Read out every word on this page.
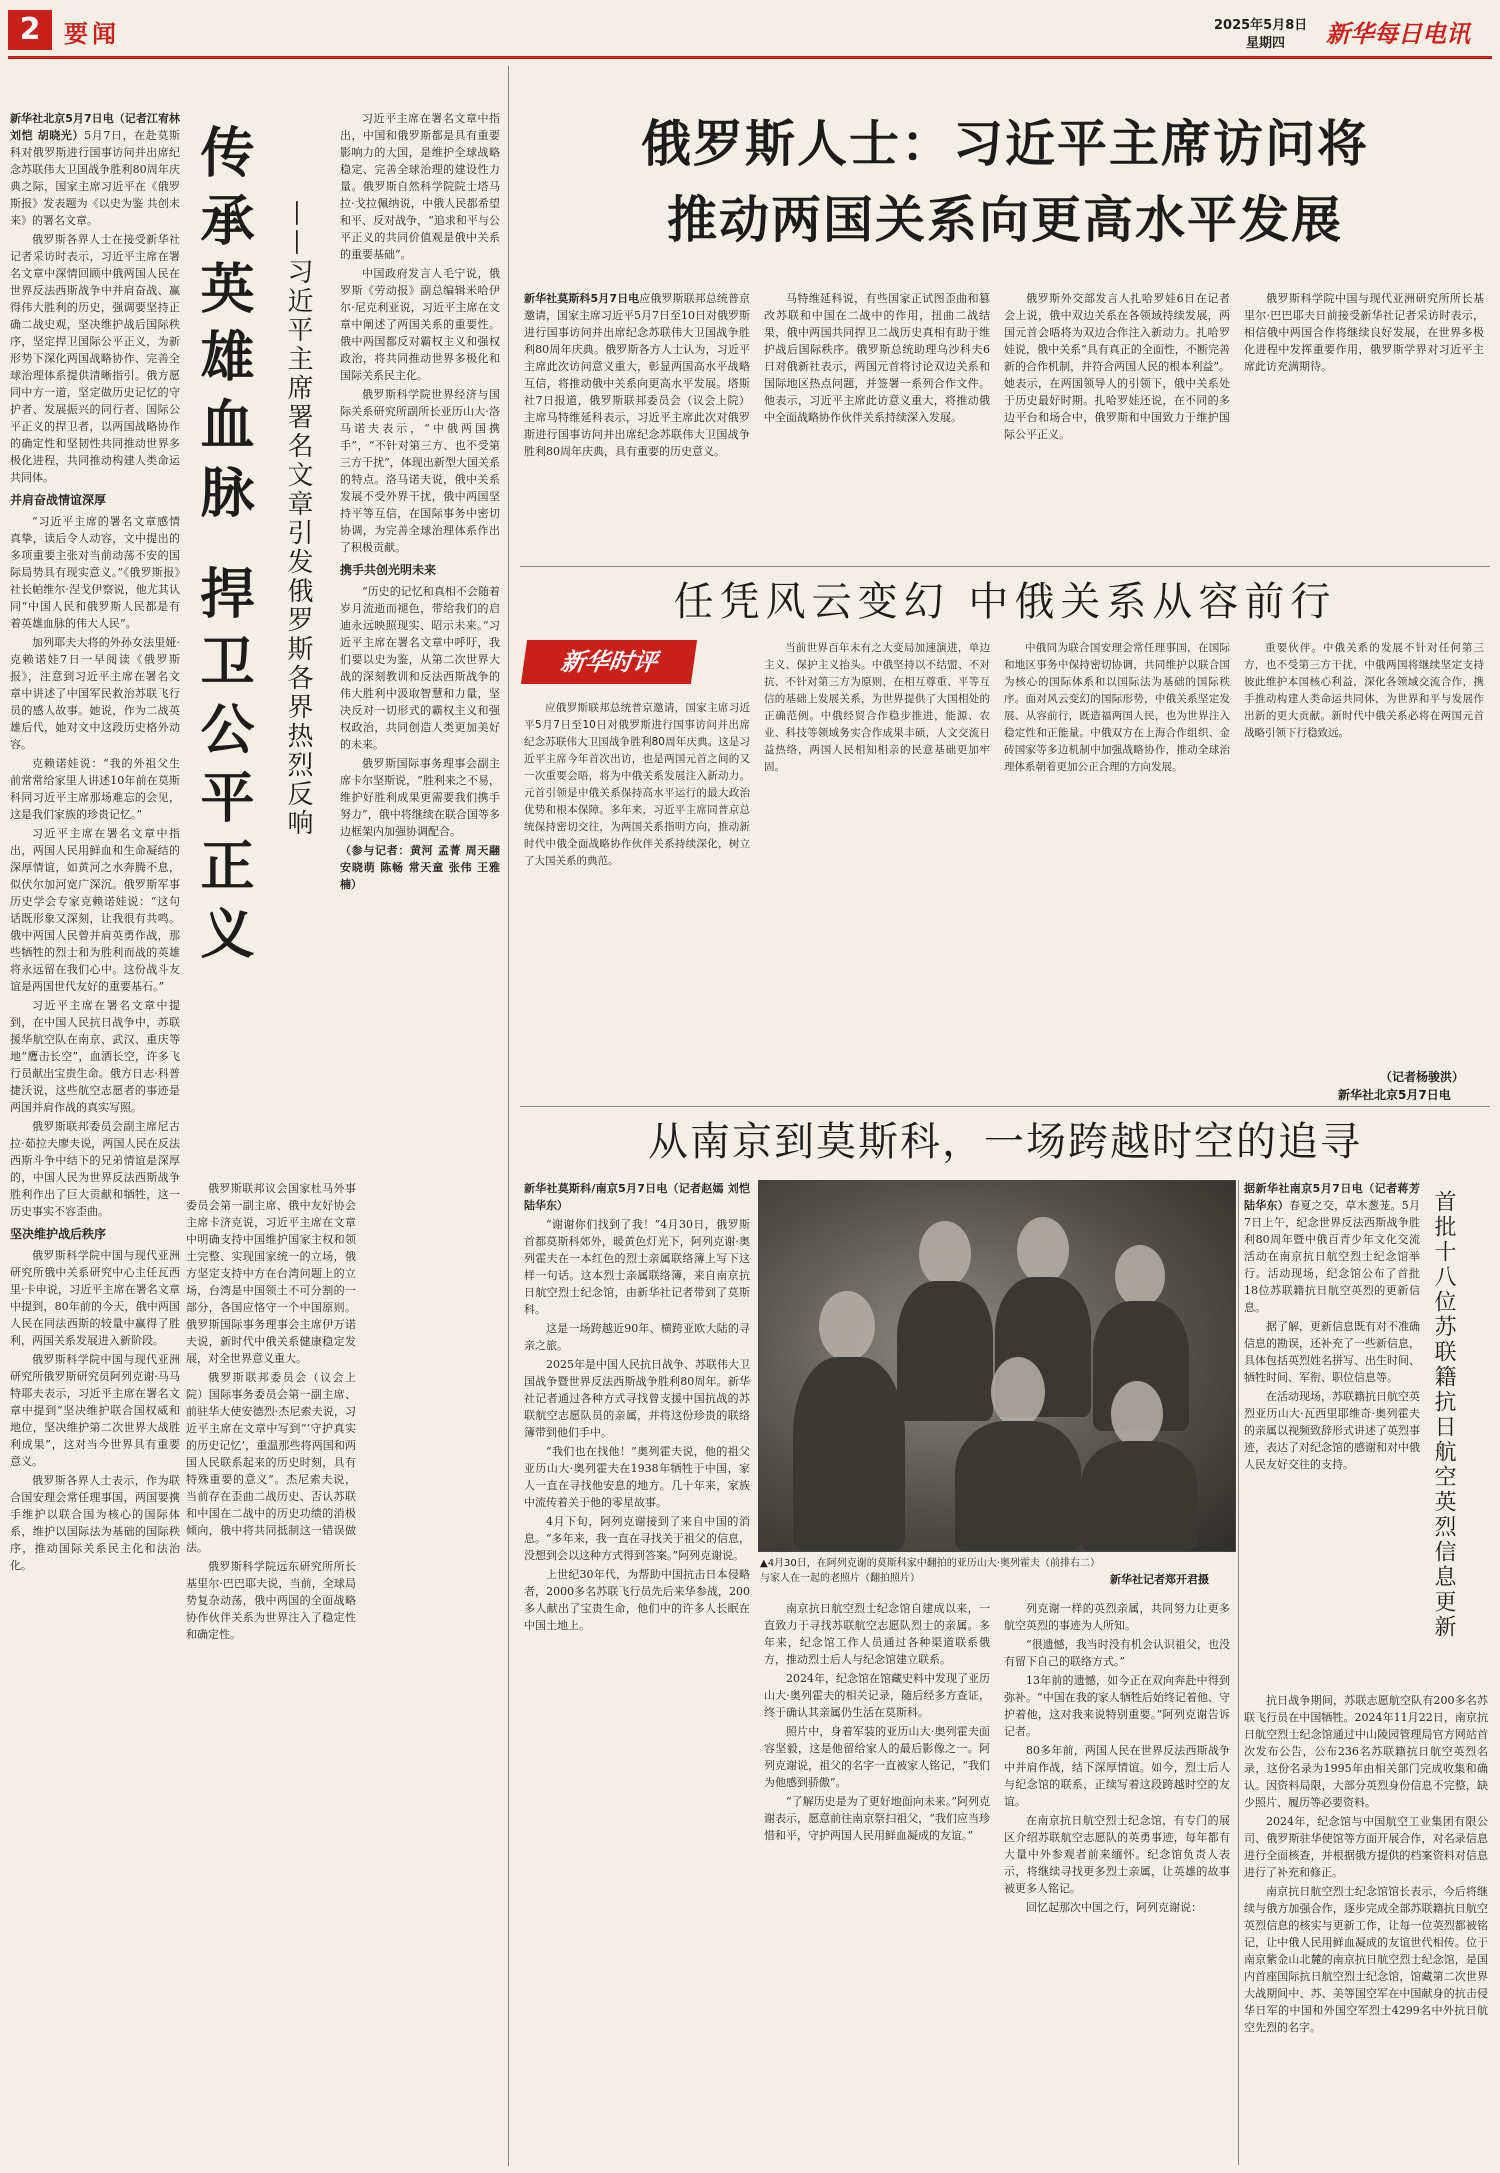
2 要闻	2025年5月8日
星期四 新华每日电讯
传承英雄血脉 捍卫公平正义 ——习近平主席署名文章引发俄罗斯各界热烈反响

新华社北京5月7日电（记者江宥林 刘恺 胡晓光）5月7日，在赴莫斯科对俄罗斯进行国事访问并出席纪念苏联伟大卫国战争胜利80周年庆典之际，国家主席习近平在《俄罗斯报》发表题为《以史为鉴 共创未来》的署名文章。

俄罗斯各界人士在接受新华社记者采访时表示，习近平主席在署名文章中深情回顾中俄两国人民在世界反法西斯战争中并肩奋战、赢得伟大胜利的历史，强调要坚持正确二战史观，坚决维护战后国际秩序，坚定捍卫国际公平正义，为新形势下深化两国战略协作、完善全球治理体系提供清晰指引。俄方愿同中方一道，坚定做历史记忆的守护者、发展振兴的同行者、国际公平正义的捍卫者，以两国战略协作的确定性和坚韧性共同推动世界多极化进程，共同推动构建人类命运共同体。

并肩奋战情谊深厚

“习近平主席的署名文章感情真挚，读后令人动容，文中提出的多项重要主张对当前动荡不安的国际局势具有现实意义。”《俄罗斯报》社长帕维尔·涅戈伊察说，他尤其认同“中国人民和俄罗斯人民都是有着英雄血脉的伟大人民”。

加列耶夫大将的外孙女法里娅·克赖诺娃7日一早阅读《俄罗斯报》，注意到习近平主席在署名文章中讲述了中国军民救治苏联飞行员的感人故事。她说，作为二战英雄后代，她对文中这段历史格外动容。

克赖诺娃说：“我的外祖父生前常常给家里人讲述10年前在莫斯科同习近平主席那场难忘的会见，这是我们家族的珍贵记忆。”

习近平主席在署名文章中指出，两国人民用鲜血和生命凝结的深厚情谊，如黄河之水奔腾不息，似伏尔加河宽广深沉。俄罗斯军事历史学会专家克赖诺娃说：“这句话既形象又深刻，让我很有共鸣。俄中两国人民曾并肩英勇作战，那些牺牲的烈士和为胜利而战的英雄将永远留在我们心中。这份战斗友谊是两国世代友好的重要基石。”

习近平主席在署名文章中提到，在中国人民抗日战争中，苏联援华航空队在南京、武汉、重庆等地“鹰击长空”，血洒长空，许多飞行员献出宝贵生命。俄方日志·科普捷沃说，这些航空志愿者的事迹是两国并肩作战的真实写照。

俄罗斯联邦委员会副主席尼古拉·茹拉夫廖夫说，两国人民在反法西斯斗争中结下的兄弟情谊是深厚的，中国人民为世界反法西斯战争胜利作出了巨大贡献和牺牲，这一历史事实不容歪曲。

坚决维护战后秩序

俄罗斯科学院中国与现代亚洲研究所俄中关系研究中心主任瓦西里·卡申说，习近平主席在署名文章中提到，80年前的今天，俄中两国人民在同法西斯的较量中赢得了胜利，两国关系发展进入新阶段。

俄罗斯科学院中国与现代亚洲研究所俄罗斯研究员阿列克谢·马马特耶夫表示，习近平主席在署名文章中提到“坚决维护联合国权威和地位，坚决维护第二次世界大战胜利成果”，这对当今世界具有重要意义。

俄罗斯各界人士表示，作为联合国安理会常任理事国，两国要携手维护以联合国为核心的国际体系，维护以国际法为基础的国际秩序，推动国际关系民主化和法治化。

俄罗斯联邦议会国家杜马外事委员会第一副主席、俄中友好协会主席卡济克说，习近平主席在文章中明确支持中国维护国家主权和领土完整、实现国家统一的立场，俄方坚定支持中方在台湾问题上的立场，台湾是中国领土不可分割的一部分，各国应恪守一个中国原则。俄罗斯国际事务理事会主席伊万诺夫说，新时代中俄关系健康稳定发展，对全世界意义重大。

俄罗斯联邦委员会（议会上院）国际事务委员会第一副主席、前驻华大使安德烈·杰尼索夫说，习近平主席在文章中写到“‘守护真实的历史记忆’，重温那些将两国和两国人民联系起来的历史时刻，具有特殊重要的意义”。杰尼索夫说，当前存在歪曲二战历史、否认苏联和中国在二战中的历史功绩的消极倾向，俄中将共同抵制这一错误做法。

俄罗斯科学院远东研究所所长基里尔·巴巴耶夫说，当前，全球局势复杂动荡，俄中两国的全面战略协作伙伴关系为世界注入了稳定性和确定性。

习近平主席在署名文章中指出，中国和俄罗斯都是具有重要影响力的大国，是维护全球战略稳定、完善全球治理的建设性力量。俄罗斯自然科学院院士塔马拉·戈拉佩纳说，中俄人民都希望和平、反对战争，“追求和平与公平正义的共同价值观是俄中关系的重要基础”。

中国政府发言人毛宁说，俄罗斯《劳动报》副总编辑米哈伊尔·尼克利亚说，习近平主席在文章中阐述了两国关系的重要性。俄中两国都反对霸权主义和强权政治，将共同推动世界多极化和国际关系民主化。

俄罗斯科学院世界经济与国际关系研究所副所长亚历山大·洛马诺夫表示，“中俄两国携手”，“不针对第三方、也不受第三方干扰”，体现出新型大国关系的特点。洛马诺夫说，俄中关系发展不受外界干扰，俄中两国坚持平等互信，在国际事务中密切协调，为完善全球治理体系作出了积极贡献。

携手共创光明未来

“历史的记忆和真相不会随着岁月流逝而褪色，带给我们的启迪永远映照现实、昭示未来。”习近平主席在署名文章中呼吁，我们要以史为鉴，从第二次世界大战的深刻教训和反法西斯战争的伟大胜利中汲取智慧和力量，坚决反对一切形式的霸权主义和强权政治，共同创造人类更加美好的未来。

俄罗斯国际事务理事会副主席卡尔坚斯说，“胜利来之不易，维护好胜利成果更需要我们携手努力”，俄中将继续在联合国等多边框架内加强协调配合。

（参与记者：黄河 孟菁 周天翮 安晓萌 陈畅 常天童 张伟 王雅楠）

俄罗斯人士：习近平主席访问将
推动两国关系向更高水平发展

新华社莫斯科5月7日电应俄罗斯联邦总统普京邀请，国家主席习近平5月7日至10日对俄罗斯进行国事访问并出席纪念苏联伟大卫国战争胜利80周年庆典。俄罗斯各方人士认为，习近平主席此次访问意义重大，彰显两国高水平战略互信，将推动俄中关系向更高水平发展。塔斯社7日报道，俄罗斯联邦委员会（议会上院）主席马特维延科表示，习近平主席此次对俄罗斯进行国事访问并出席纪念苏联伟大卫国战争胜利80周年庆典，具有重要的历史意义。

马特维延科说，有些国家正试图歪曲和篡改苏联和中国在二战中的作用，扭曲二战结果，俄中两国共同捍卫二战历史真相有助于维护战后国际秩序。俄罗斯总统助理乌沙科夫6日对俄新社表示，两国元首将讨论双边关系和国际地区热点问题，并签署一系列合作文件。他表示，习近平主席此访意义重大，将推动俄中全面战略协作伙伴关系持续深入发展。

俄罗斯外交部发言人扎哈罗娃6日在记者会上说，俄中双边关系在各领域持续发展，两国元首会晤将为双边合作注入新动力。扎哈罗娃说，俄中关系“具有真正的全面性，不断完善新的合作机制，并符合两国人民的根本利益”。她表示，在两国领导人的引领下，俄中关系处于历史最好时期。扎哈罗娃还说，在不同的多边平台和场合中，俄罗斯和中国致力于维护国际公平正义。

俄罗斯科学院中国与现代亚洲研究所所长基里尔·巴巴耶夫日前接受新华社记者采访时表示，相信俄中两国合作将继续良好发展，在世界多极化进程中发挥重要作用，俄罗斯学界对习近平主席此访充满期待。

任凭风云变幻 中俄关系从容前行
新华时评

应俄罗斯联邦总统普京邀请，国家主席习近平5月7日至10日对俄罗斯进行国事访问并出席纪念苏联伟大卫国战争胜利80周年庆典。这是习近平主席今年首次出访，也是两国元首之间的又一次重要会晤，将为中俄关系发展注入新动力。元首引领是中俄关系保持高水平运行的最大政治优势和根本保障。多年来，习近平主席同普京总统保持密切交往，为两国关系指明方向，推动新时代中俄全面战略协作伙伴关系持续深化，树立了大国关系的典范。

当前世界百年未有之大变局加速演进，单边主义、保护主义抬头。中俄坚持以不结盟、不对抗、不针对第三方为原则，在相互尊重、平等互信的基础上发展关系，为世界提供了大国相处的正确范例。中俄经贸合作稳步推进，能源、农业、科技等领域务实合作成果丰硕，人文交流日益热络，两国人民相知相亲的民意基础更加牢固。

中俄同为联合国安理会常任理事国，在国际和地区事务中保持密切协调，共同维护以联合国为核心的国际体系和以国际法为基础的国际秩序。面对风云变幻的国际形势，中俄关系坚定发展、从容前行，既造福两国人民，也为世界注入稳定性和正能量。中俄双方在上海合作组织、金砖国家等多边机制中加强战略协作，推动全球治理体系朝着更加公正合理的方向发展。

重要伙伴。中俄关系的发展不针对任何第三方，也不受第三方干扰，中俄两国将继续坚定支持彼此维护本国核心利益，深化各领域交流合作，携手推动构建人类命运共同体，为世界和平与发展作出新的更大贡献。新时代中俄关系必将在两国元首战略引领下行稳致远。

（记者杨骏洪）
新华社北京5月7日电
从南京到莫斯科，一场跨越时空的追寻

新华社莫斯科/南京5月7日电（记者赵嫣 刘恺 陆华东）

“谢谢你们找到了我！”4月30日，俄罗斯首都莫斯科郊外，暖黄色灯光下，阿列克谢·奥列霍夫在一本红色的烈士亲属联络簿上写下这样一句话。这本烈士亲属联络簿，来自南京抗日航空烈士纪念馆，由新华社记者带到了莫斯科。

这是一场跨越近90年、横跨亚欧大陆的寻亲之旅。

2025年是中国人民抗日战争、苏联伟大卫国战争暨世界反法西斯战争胜利80周年。新华社记者通过各种方式寻找曾支援中国抗战的苏联航空志愿队员的亲属，并将这份珍贵的联络簿带到他们手中。

“我们也在找他！”奥列霍夫说，他的祖父亚历山大·奥列霍夫在1938年牺牲于中国，家人一直在寻找他安息的地方。几十年来，家族中流传着关于他的零星故事。

4月下旬，阿列克谢接到了来自中国的消息。“多年来，我一直在寻找关于祖父的信息，没想到会以这种方式得到答案。”阿列克谢说。

上世纪30年代，为帮助中国抗击日本侵略者，2000多名苏联飞行员先后来华参战，200多人献出了宝贵生命，他们中的许多人长眠在中国土地上。

▲4月30日，在阿列克谢的莫斯科家中翻拍的亚历山大·奥列霍夫（前排右二）与家人在一起的老照片（翻拍照片）	新华社记者郑开君摄

南京抗日航空烈士纪念馆自建成以来，一直致力于寻找苏联航空志愿队烈士的亲属。多年来，纪念馆工作人员通过各种渠道联系俄方，推动烈士后人与纪念馆建立联系。

2024年，纪念馆在馆藏史料中发现了亚历山大·奥列霍夫的相关记录，随后经多方查证，终于确认其亲属仍生活在莫斯科。

照片中，身着军装的亚历山大·奥列霍夫面容坚毅，这是他留给家人的最后影像之一。阿列克谢说，祖父的名字一直被家人铭记，“我们为他感到骄傲”。

“了解历史是为了更好地面向未来。”阿列克谢表示，愿意前往南京祭扫祖父，“我们应当珍惜和平，守护两国人民用鲜血凝成的友谊。”

列克谢一样的英烈亲属，共同努力让更多航空英烈的事迹为人所知。

“很遗憾，我当时没有机会认识祖父，也没有留下自己的联络方式。”

13年前的遗憾，如今正在双向奔赴中得到弥补。“中国在我的家人牺牲后始终记着他、守护着他，这对我来说特别重要。”阿列克谢告诉记者。

80多年前，两国人民在世界反法西斯战争中并肩作战，结下深厚情谊。如今，烈士后人与纪念馆的联系，正续写着这段跨越时空的友谊。

在南京抗日航空烈士纪念馆，有专门的展区介绍苏联航空志愿队的英勇事迹，每年都有大量中外参观者前来缅怀。纪念馆负责人表示，将继续寻找更多烈士亲属，让英雄的故事被更多人铭记。

回忆起那次中国之行，阿列克谢说：

首批十八位苏联籍抗日航空英烈信息更新

据新华社南京5月7日电（记者蒋芳 陆华东）春夏之交，草木葱茏。5月7日上午，纪念世界反法西斯战争胜利80周年暨中俄百青少年文化交流活动在南京抗日航空烈士纪念馆举行。活动现场，纪念馆公布了首批18位苏联籍抗日航空英烈的更新信息。

据了解，更新信息既有对不准确信息的勘误，还补充了一些新信息，具体包括英烈姓名拼写、出生时间、牺牲时间、军衔、职位信息等。

在活动现场，苏联籍抗日航空英烈亚历山大·瓦西里耶维奇·奥列霍夫的亲属以视频致辞形式讲述了英烈事迹，表达了对纪念馆的感谢和对中俄人民友好交往的支持。

抗日战争期间，苏联志愿航空队有200多名苏联飞行员在中国牺牲。2024年11月22日，南京抗日航空烈士纪念馆通过中山陵园管理局官方网站首次发布公告，公布236名苏联籍抗日航空英烈名录，这份名录为1995年由相关部门完成收集和确认。因资料局限，大部分英烈身份信息不完整，缺少照片、履历等必要资料。

2024年，纪念馆与中国航空工业集团有限公司、俄罗斯驻华使馆等方面开展合作，对名录信息进行全面核查，并根据俄方提供的档案资料对信息进行了补充和修正。

南京抗日航空烈士纪念馆馆长表示，今后将继续与俄方加强合作，逐步完成全部苏联籍抗日航空英烈信息的核实与更新工作，让每一位英烈都被铭记，让中俄人民用鲜血凝成的友谊世代相传。位于南京紫金山北麓的南京抗日航空烈士纪念馆，是国内首座国际抗日航空烈士纪念馆，馆藏第二次世界大战期间中、苏、美等国空军在中国献身的抗击侵华日军的中国和外国空军烈士4299名中外抗日航空先烈的名字。
